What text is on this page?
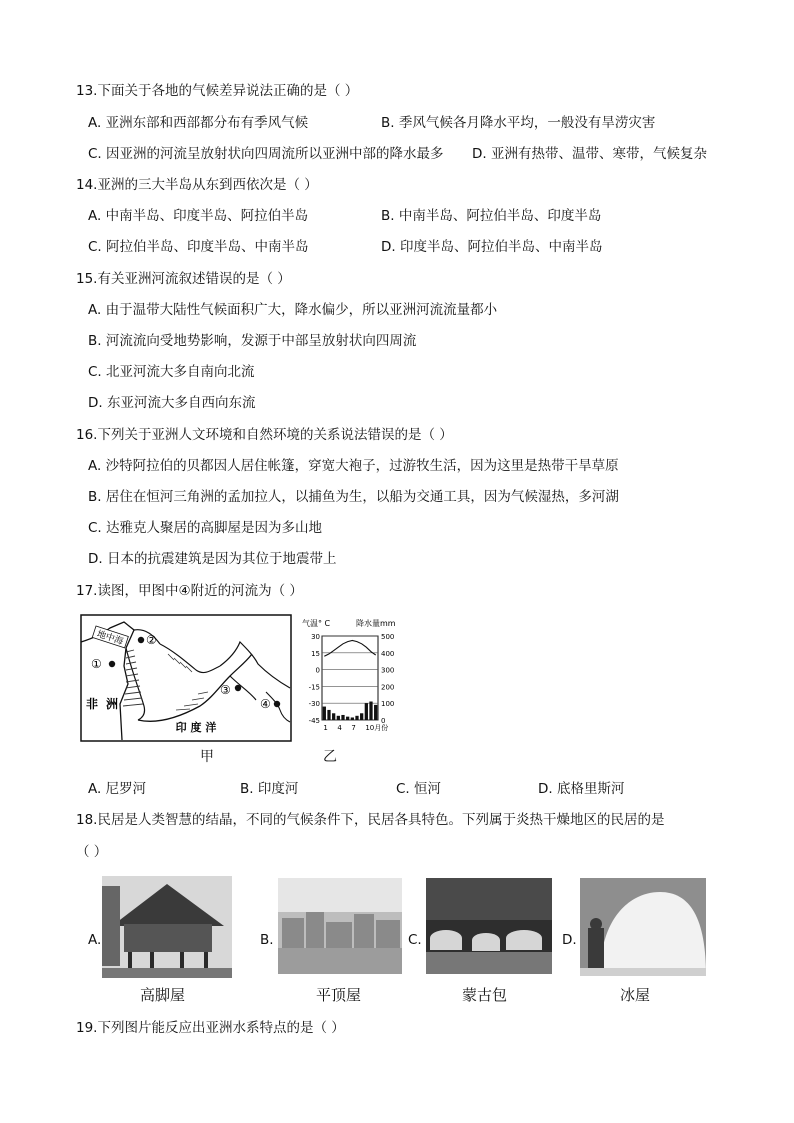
13.下面关于各地的气候差异说法正确的是（ ）
A. 亚洲东部和西部都分布有季风气候	B. 季风气候各月降水平均，一般没有旱涝灾害
C. 因亚洲的河流呈放射状向四周流所以亚洲中部的降水最多 D. 亚洲有热带、温带、寒带，气候复杂
14.亚洲的三大半岛从东到西依次是（ ）
A. 中南半岛、印度半岛、阿拉伯半岛	B. 中南半岛、阿拉伯半岛、印度半岛
C. 阿拉伯半岛、印度半岛、中南半岛	D. 印度半岛、阿拉伯半岛、中南半岛
15.有关亚洲河流叙述错误的是（ ）
A. 由于温带大陆性气候面积广大，降水偏少，所以亚洲河流流量都小
B. 河流流向受地势影响，发源于中部呈放射状向四周流
C. 北亚河流大多自南向北流
D. 东亚河流大多自西向东流
16.下列关于亚洲人文环境和自然环境的关系说法错误的是（ ）
A. 沙特阿拉伯的贝都因人居住帐篷，穿宽大袍子，过游牧生活，因为这里是热带干旱草原
B. 居住在恒河三角洲的孟加拉人，以捕鱼为生，以船为交通工具，因为气候湿热，多河湖
C. 达雅克人聚居的高脚屋是因为多山地
D. 日本的抗震建筑是因为其位于地震带上
17.读图，甲图中④附近的河流为（ ）
地中海 ②
①
非 洲
印 度 洋
③
④
甲
气温° C	降水量mm
30
15
0
-15
-30
-45
500
400
300
200
100
0
1 4 7 10月份
乙
A. 尼罗河	B. 印度河	C. 恒河	D. 底格里斯河
18.民居是人类智慧的结晶，不同的气候条件下，民居各具特色。下列属于炎热干燥地区的民居的是
（ ）
A.
高脚屋
B.
平顶屋
C.
蒙古包
D.
冰屋
19.下列图片能反应出亚洲水系特点的是（ ）
